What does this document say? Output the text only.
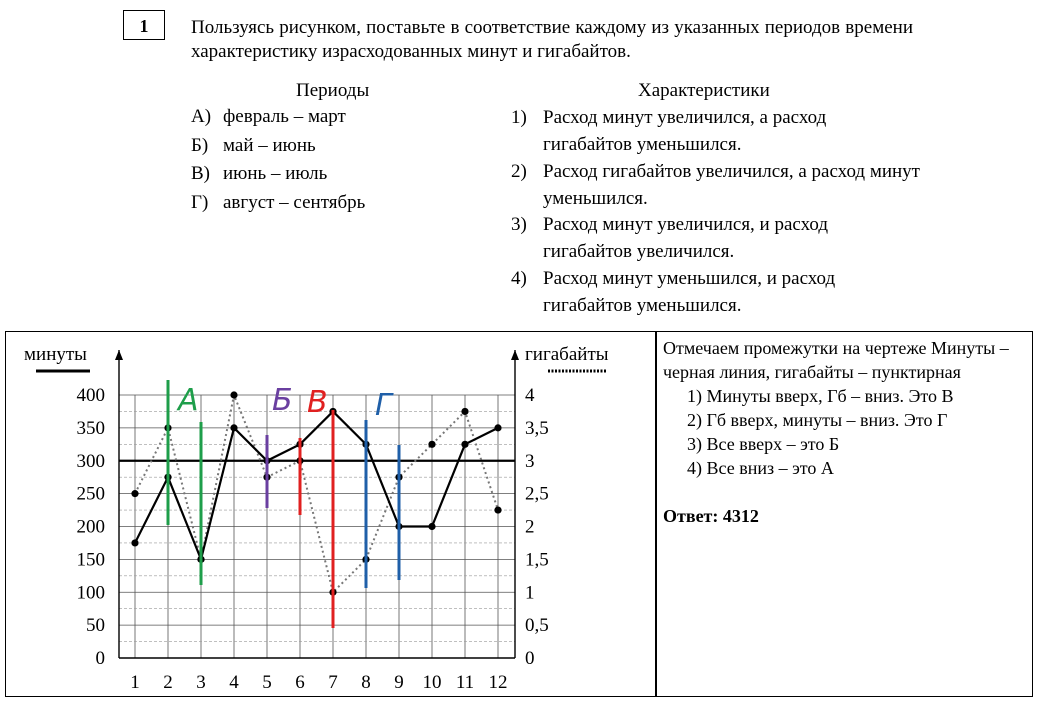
1	Пользуясь рисунком, поставьте в соответствие каждому из указанных периодов времени характеристику израсходованных минут и гигабайтов.
Периоды	Характеристики
А) февраль – март
Б) май – июнь
В) июнь – июль
Г) август – сентябрь
1) Расход минут увеличился, а расход гигабайтов уменьшился.
2) Расход гигабайтов увеличился, а расход минут уменьшился.
3) Расход минут увеличился, и расход гигабайтов увеличился.
4) Расход минут уменьшился, и расход гигабайтов уменьшился.
0
50
100
150
200
250
300
350
400
0
0,5
1
1,5
2
2,5
3
3,5
4
1 2 3 4 5 6 7 8 9 10 11 12
минуты	гигабайты
А Б В Г
Отмечаем промежутки на чертеже Минуты – черная линия, гигабайты – пунктирная
1) Минуты вверх, Гб – вниз. Это В
2) Гб вверх, минуты – вниз. Это Г
3) Все вверх – это Б
4) Все вниз – это А
Ответ: 4312
